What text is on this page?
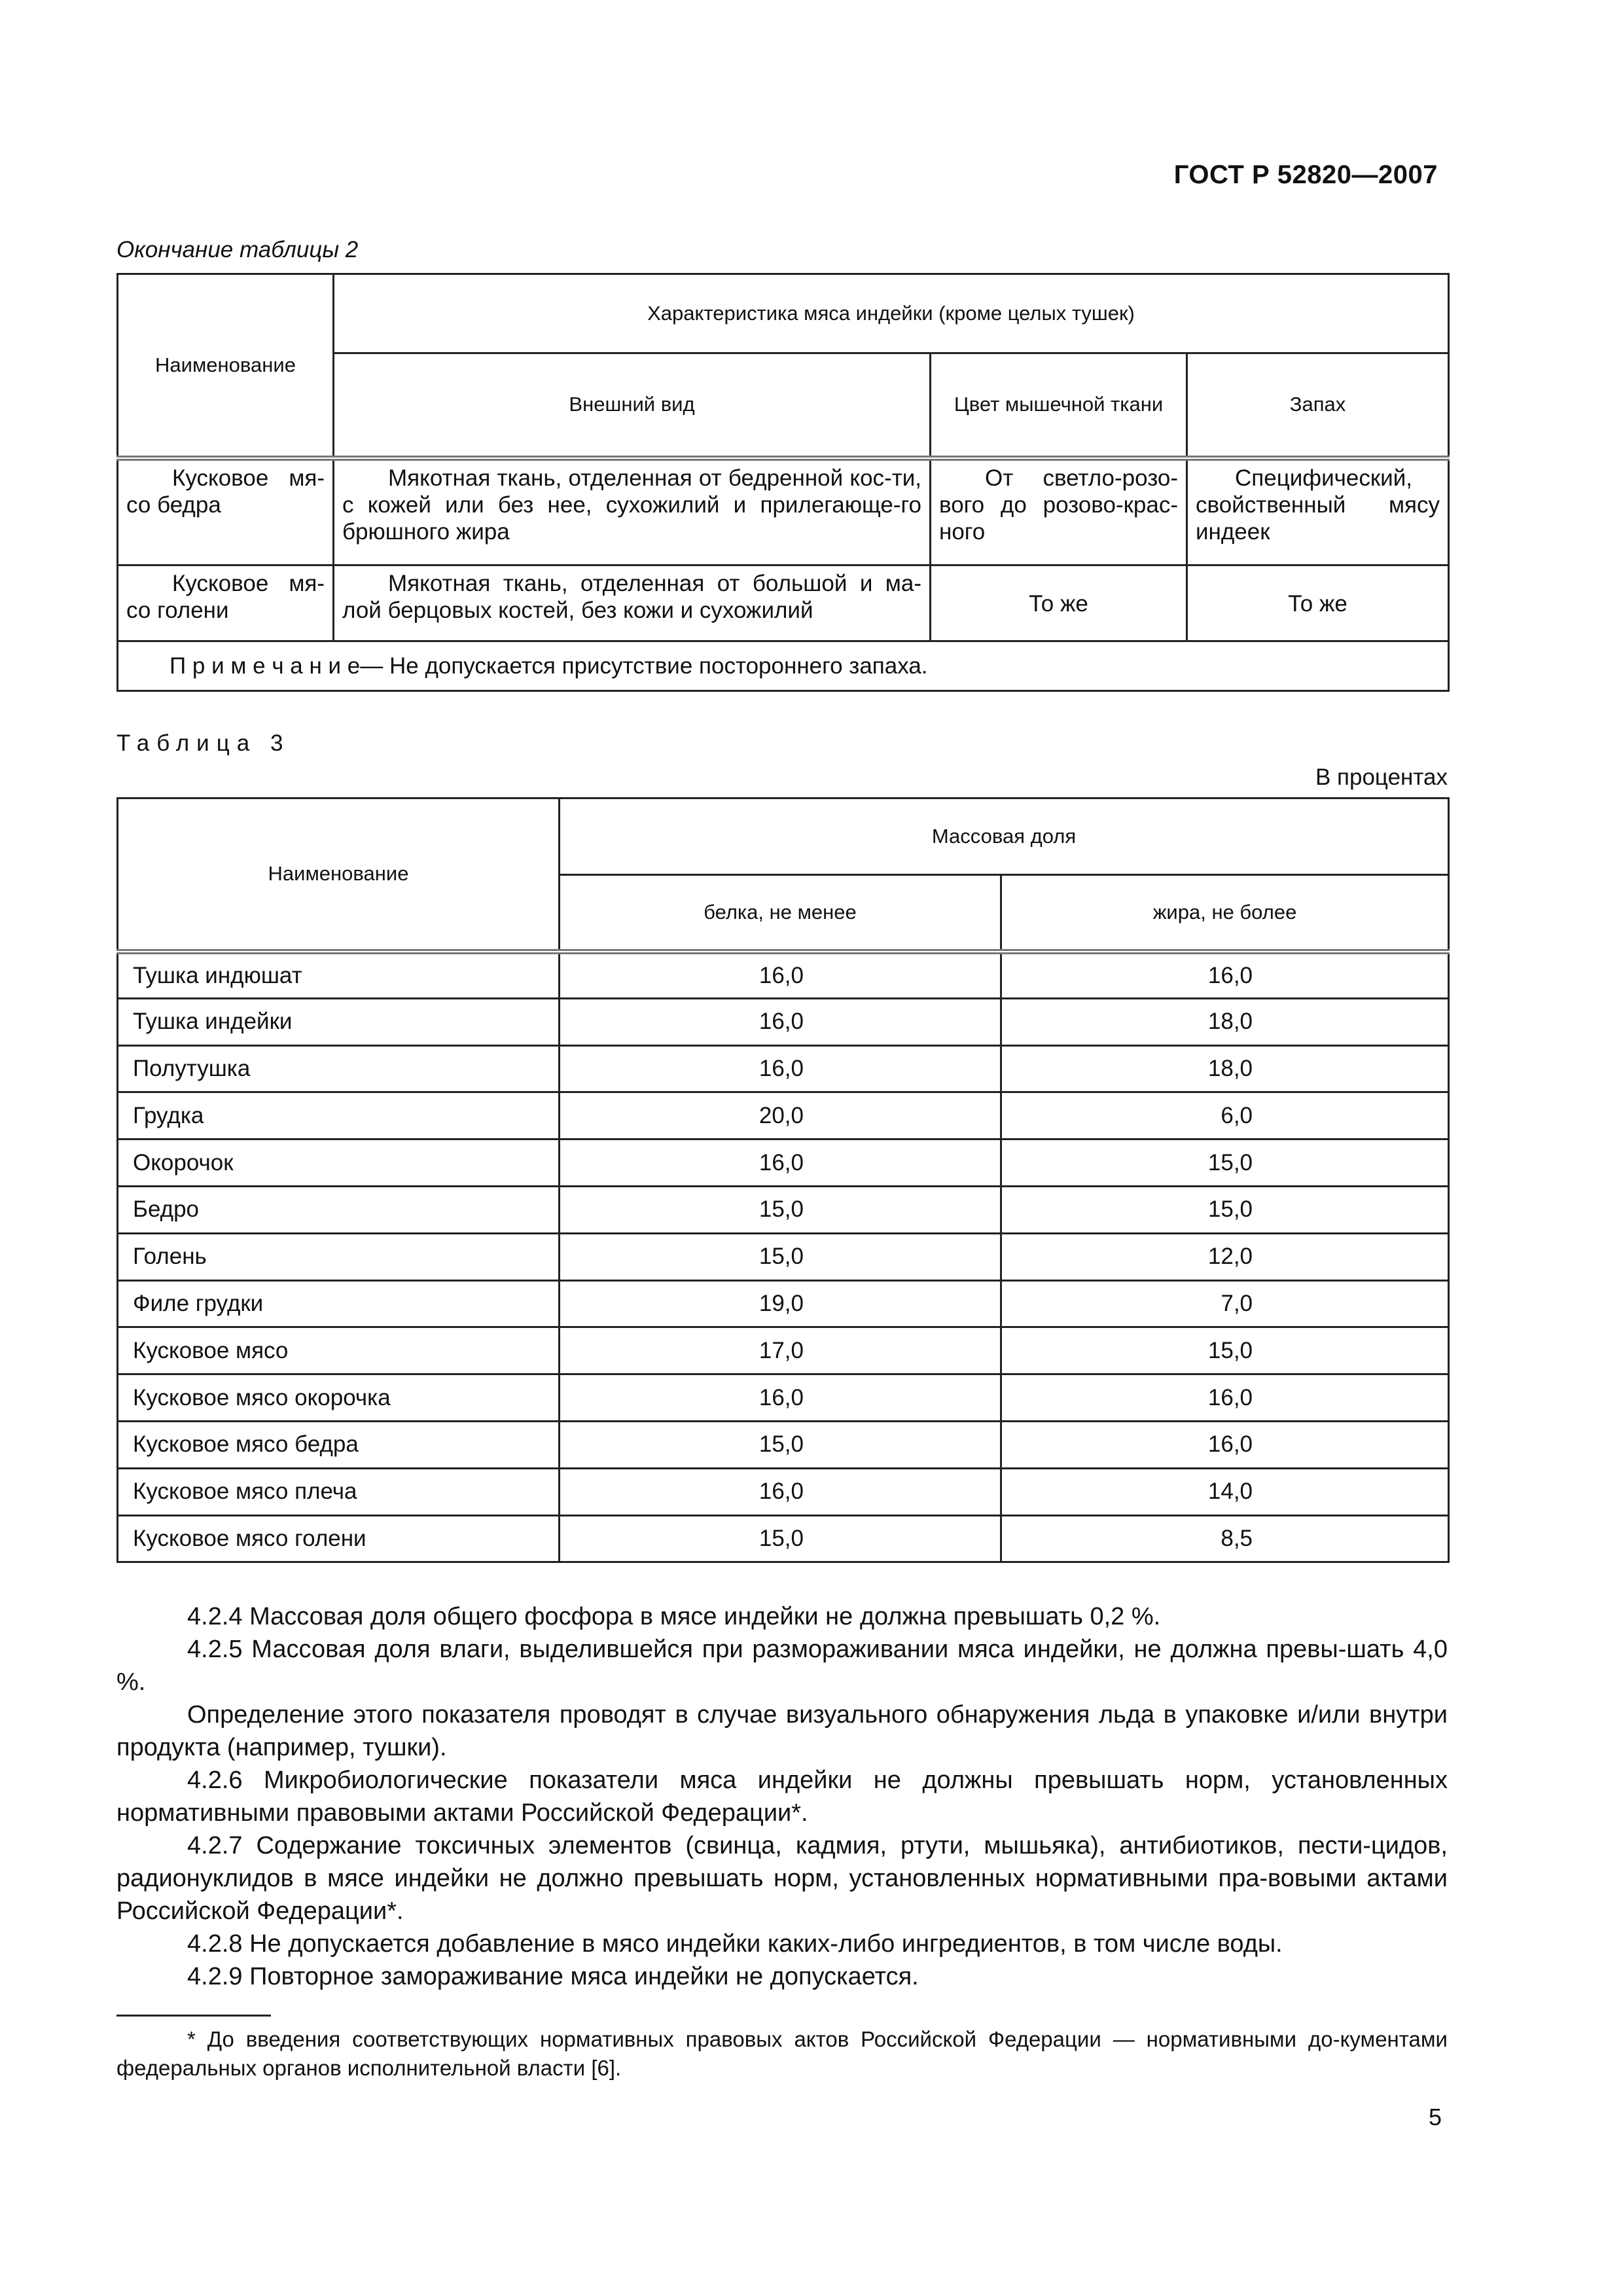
ГОСТ Р 52820—2007
Окончание таблицы 2
Наименование	Характеристика мяса индейки (кроме целых тушек)		
	Внешний вид	Цвет мышечной ткани	Запах
Кусковое мя-со бедра	Мякотная ткань, отделенная от бедренной кос-ти, с кожей или без нее, сухожилий и прилегающе-го брюшного жира	От светло-розо-вого до розово-крас-ного	Специфический, свойственный мясу индеек
Кусковое мя-со голени	Мякотная ткань, отделенная от большой и ма-лой берцовых костей, без кожи и сухожилий	То же	То же
П р и м е ч а н и е— Не допускается присутствие постороннего запаха.			
Таблица 3
В процентах
Наименование	Массовая доля	
	белка, не менее	жира, не более
Тушка индюшат	16,0	16,0
Тушка индейки	16,0	18,0
Полутушка	16,0	18,0
Грудка	20,0	6,0
Окорочок	16,0	15,0
Бедро	15,0	15,0
Голень	15,0	12,0
Филе грудки	19,0	7,0
Кусковое мясо	17,0	15,0
Кусковое мясо окорочка	16,0	16,0
Кусковое мясо бедра	15,0	16,0
Кусковое мясо плеча	16,0	14,0
Кусковое мясо голени	15,0	8,5

4.2.4 Массовая доля общего фосфора в мясе индейки не должна превышать 0,2 %.

4.2.5 Массовая доля влаги, выделившейся при размораживании мяса индейки, не должна превы-шать 4,0 %.

Определение этого показателя проводят в случае визуального обнаружения льда в упаковке и/или внутри продукта (например, тушки).

4.2.6 Микробиологические показатели мяса индейки не должны превышать норм, установленных нормативными правовыми актами Российской Федерации*.

4.2.7 Содержание токсичных элементов (свинца, кадмия, ртути, мышьяка), антибиотиков, пести-цидов, радионуклидов в мясе индейки не должно превышать норм, установленных нормативными пра-вовыми актами Российской Федерации*.

4.2.8 Не допускается добавление в мясо индейки каких-либо ингредиентов, в том числе воды.

4.2.9 Повторное замораживание мяса индейки не допускается.

* До введения соответствующих нормативных правовых актов Российской Федерации — нормативными до-кументами федеральных органов исполнительной власти [6].

5
